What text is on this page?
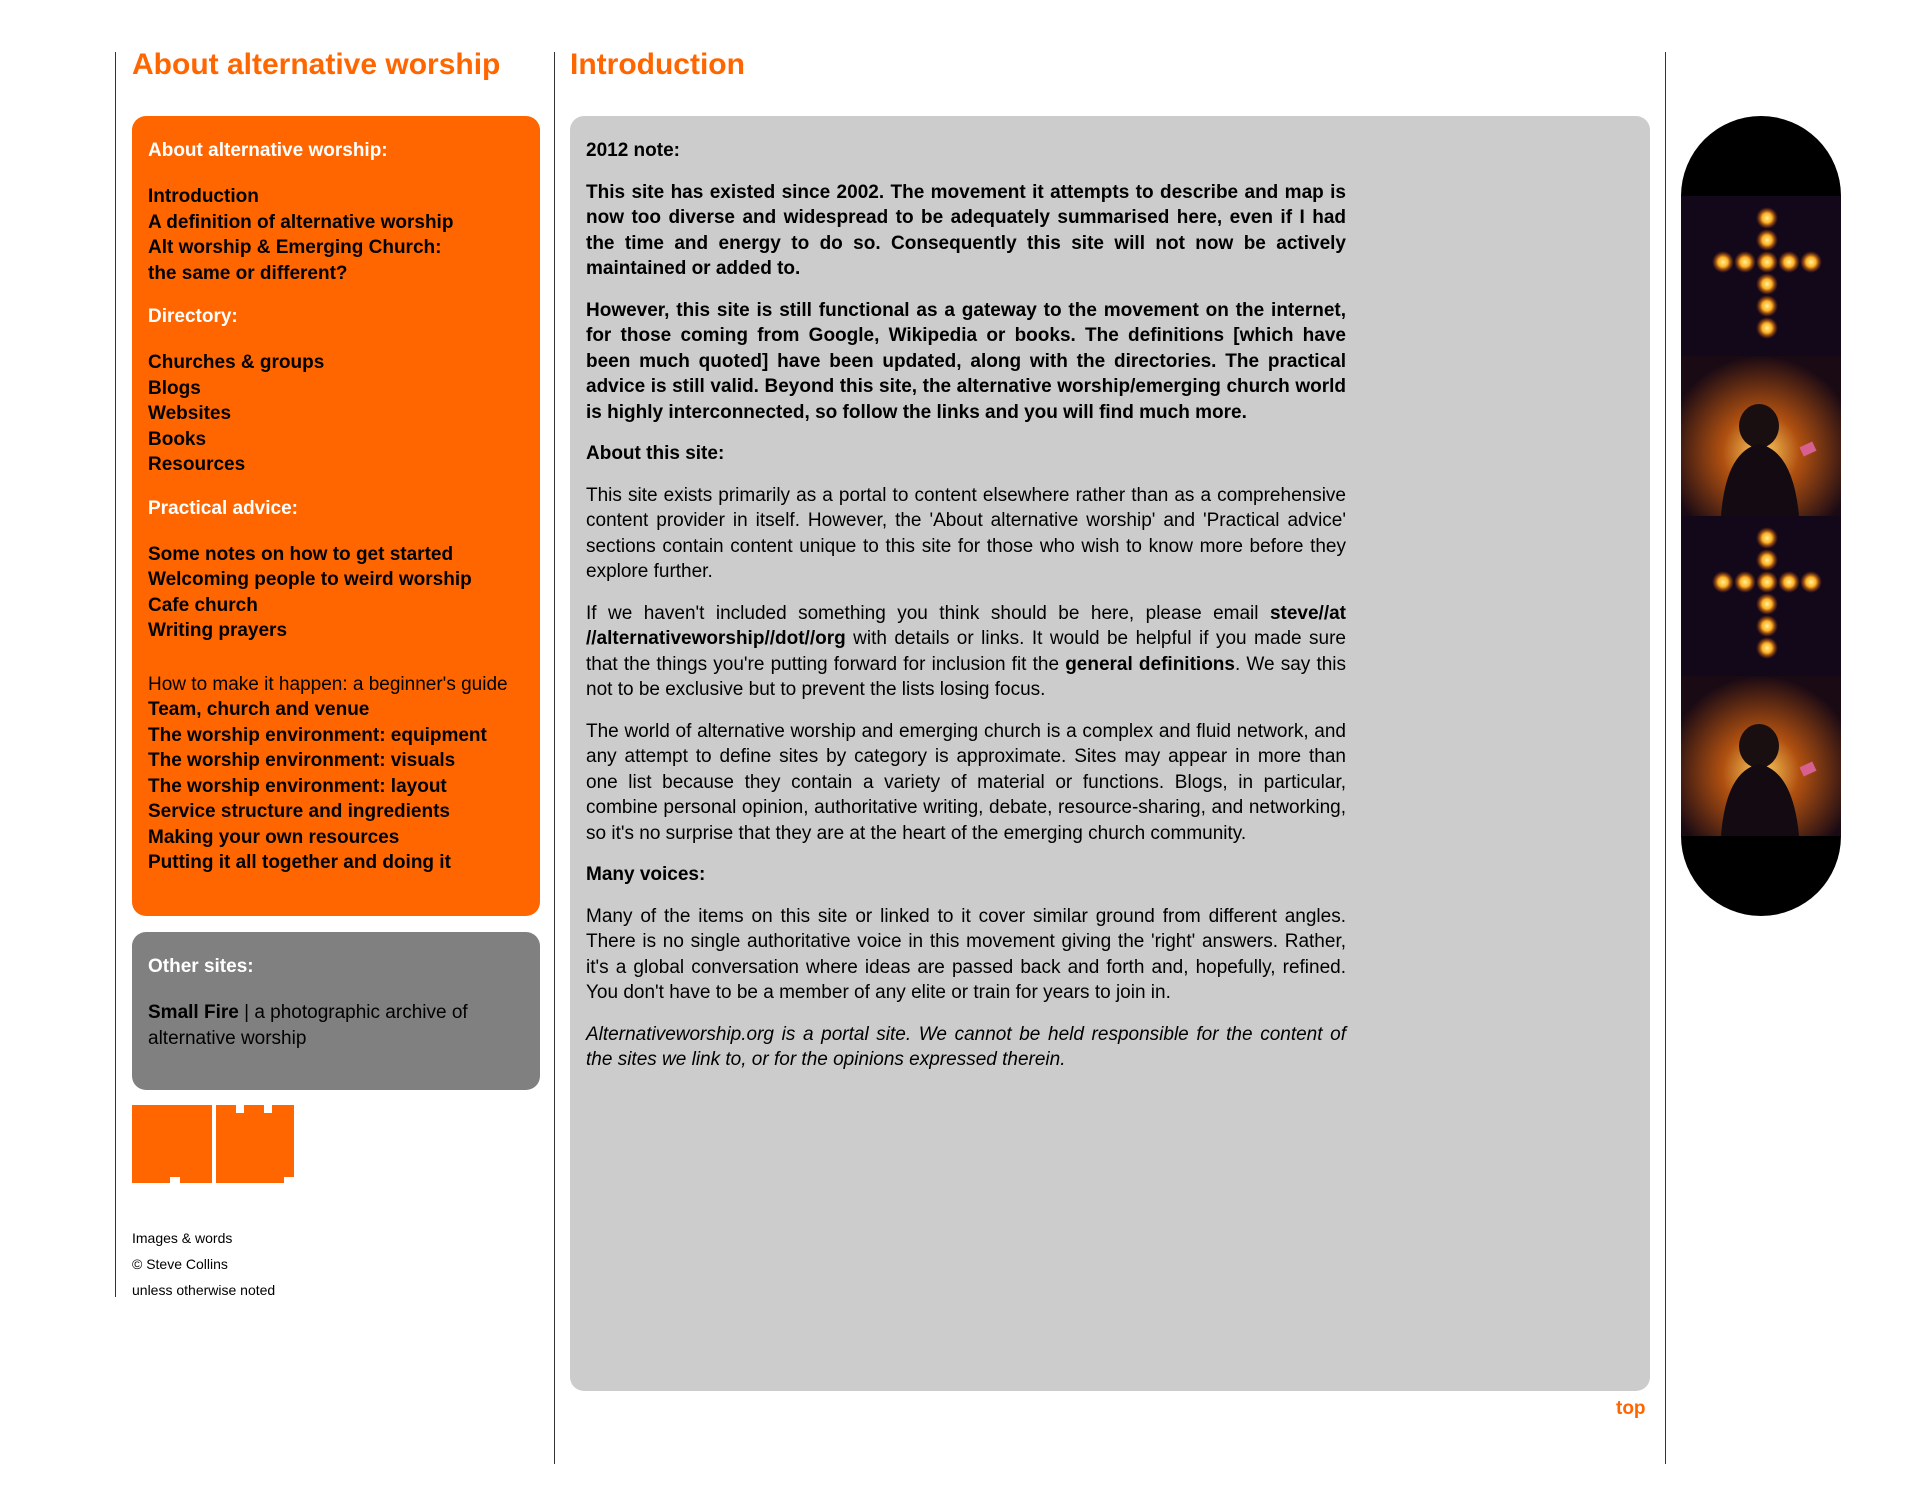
About alternative worship
About alternative worship:
Introduction
A definition of alternative worship
Alt worship & Emerging Church:
the same or different?
Directory:
Churches & groups
Blogs
Websites
Books
Resources
Practical advice:
Some notes on how to get started
Welcoming people to weird worship
Cafe church
Writing prayers
How to make it happen: a beginner's guide
Team, church and venue
The worship environment: equipment
The worship environment: visuals
The worship environment: layout
Service structure and ingredients
Making your own resources
Putting it all together and doing it
Other sites:
Small Fire | a photographic archive of alternative worship
Images & words
© Steve Collins
unless otherwise noted
Introduction

2012 note:

This site has existed since 2002. The movement it attempts to describe and map is now too diverse and widespread to be adequately summarised here, even if I had the time and energy to do so. Consequently this site will not now be actively maintained or added to.

However, this site is still functional as a gateway to the movement on the internet, for those coming from Google, Wikipedia or books. The definitions [which have been much quoted] have been updated, along with the directories. The practical advice is still valid. Beyond this site, the alternative worship/emerging church world is highly interconnected, so follow the links and you will find much more.

About this site:

This site exists primarily as a portal to content elsewhere rather than as a comprehensive content provider in itself. However, the 'About alternative worship' and 'Practical advice' sections contain content unique to this site for those who wish to know more before they explore further.

If we haven't included something you think should be here, please email steve//at //alternativeworship//dot//org with details or links. It would be helpful if you made sure that the things you're putting forward for inclusion fit the general definitions. We say this not to be exclusive but to prevent the lists losing focus.

The world of alternative worship and emerging church is a complex and fluid network, and any attempt to define sites by category is approximate. Sites may appear in more than one list because they contain a variety of material or functions. Blogs, in particular, combine personal opinion, authoritative writing, debate, resource-sharing, and networking, so it's no surprise that they are at the heart of the emerging church community.

Many voices:

Many of the items on this site or linked to it cover similar ground from different angles. There is no single authoritative voice in this movement giving the 'right' answers. Rather, it's a global conversation where ideas are passed back and forth and, hopefully, refined. You don't have to be a member of any elite or train for years to join in.

Alternativeworship.org is a portal site. We cannot be held responsible for the content of the sites we link to, or for the opinions expressed therein.

top
